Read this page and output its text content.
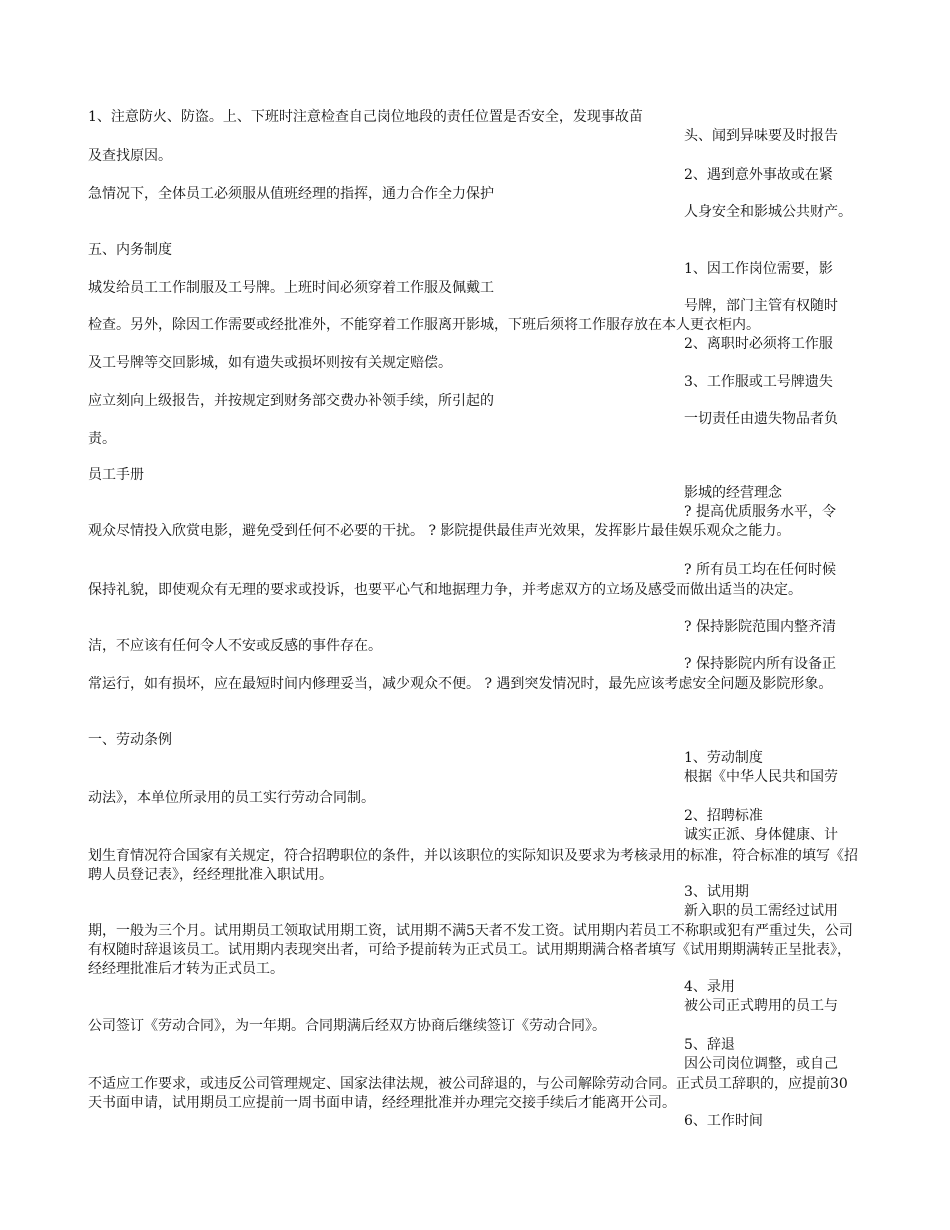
1、注意防火、防盗。上、下班时注意检查自己岗位地段的责任位置是否安全，发现事故苗
头、闻到异味要及时报告
及查找原因。
2、遇到意外事故或在紧
急情况下，全体员工必须服从值班经理的指挥，通力合作全力保护
人身安全和影城公共财产。
五、内务制度
1、因工作岗位需要，影
城发给员工工作制服及工号牌。上班时间必须穿着工作服及佩戴工
号牌，部门主管有权随时
检查。另外，除因工作需要或经批准外，不能穿着工作服离开影城，下班后须将工作服存放在本人更衣柜内。
2、离职时必须将工作服
及工号牌等交回影城，如有遗失或损坏则按有关规定赔偿。
3、工作服或工号牌遗失
应立刻向上级报告，并按规定到财务部交费办补领手续，所引起的
一切责任由遗失物品者负
责。
员工手册
影城的经营理念
? 提高优质服务水平，令
观众尽情投入欣赏电影，避免受到任何不必要的干扰。 ? 影院提供最佳声光效果，发挥影片最佳娱乐观众之能力。
? 所有员工均在任何时候
保持礼貌，即使观众有无理的要求或投诉，也要平心气和地据理力争，并考虑双方的立场及感受而做出适当的决定。
? 保持影院范围内整齐清
洁，不应该有任何令人不安或反感的事件存在。
? 保持影院内所有设备正
常运行，如有损坏，应在最短时间内修理妥当，减少观众不便。 ? 遇到突发情况时，最先应该考虑安全问题及影院形象。
一、劳动条例
1、劳动制度
根据《中华人民共和国劳
动法》，本单位所录用的员工实行劳动合同制。
2、招聘标准
诚实正派、身体健康、计
划生育情况符合国家有关规定，符合招聘职位的条件，并以该职位的实际知识及要求为考核录用的标准，符合标准的填写《招聘人员登记表》，经经理批准入职试用。
3、试用期
新入职的员工需经过试用
期，一般为三个月。试用期员工领取试用期工资，试用期不满5天者不发工资。试用期内若员工不称职或犯有严重过失，公司有权随时辞退该员工。试用期内表现突出者，可给予提前转为正式员工。试用期期满合格者填写《试用期期满转正呈批表》，经经理批准后才转为正式员工。
4、录用
被公司正式聘用的员工与
公司签订《劳动合同》，为一年期。合同期满后经双方协商后继续签订《劳动合同》。
5、辞退
因公司岗位调整，或自己
不适应工作要求，或违反公司管理规定、国家法律法规，被公司辞退的，与公司解除劳动合同。正式员工辞职的，应提前30天书面申请，试用期员工应提前一周书面申请，经经理批准并办理完交接手续后才能离开公司。
6、工作时间
